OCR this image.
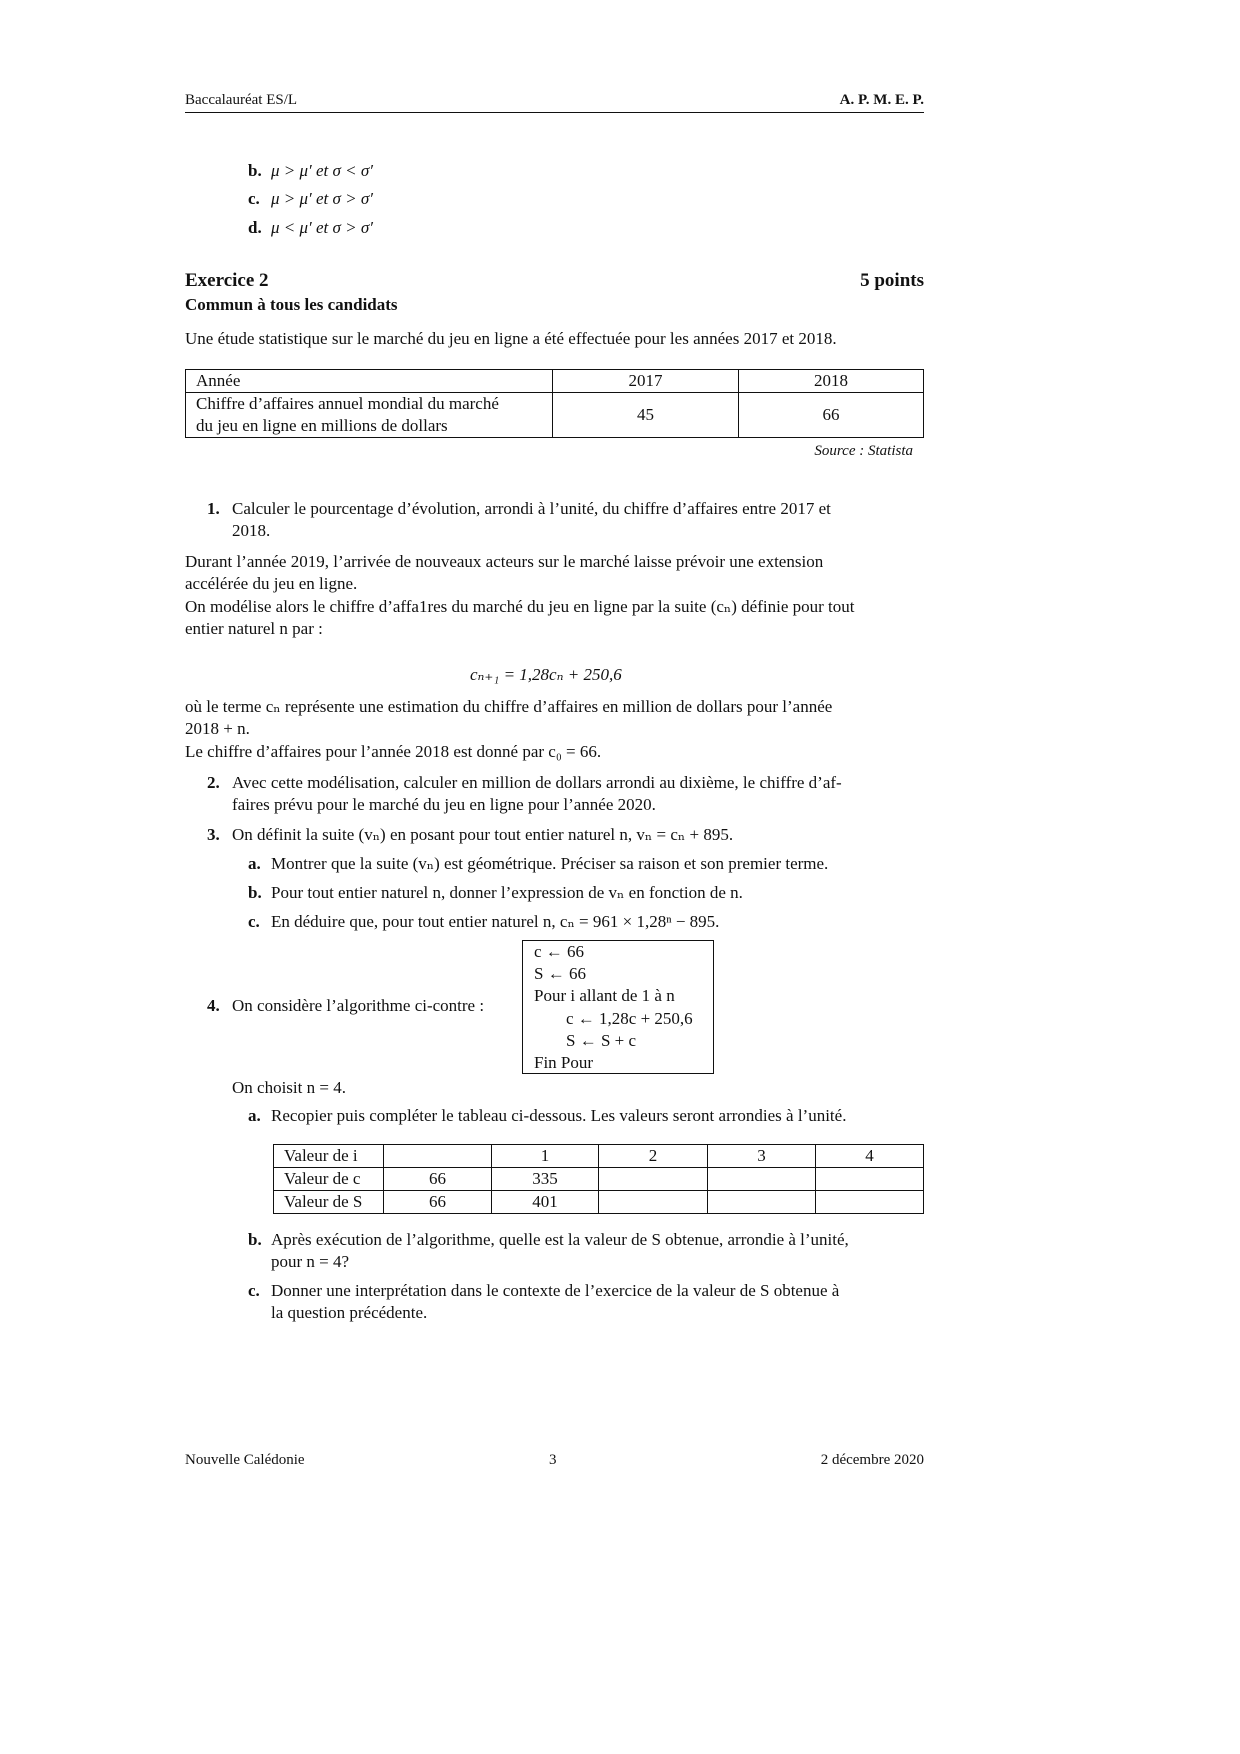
Baccalauréat ES/L	A. P. M. E. P.
b. μ > μ′ et σ < σ′
c. μ > μ′ et σ > σ′
d. μ < μ′ et σ > σ′
Exercice 2	5 points
Commun à tous les candidats
Une étude statistique sur le marché du jeu en ligne a été effectuée pour les années 2017 et 2018.
Année	2017	2018

Chiffre d’affaires annuel mondial du marché
du jeu en ligne en millions de dollars	45	66
Source : Statista
1. Calculer le pourcentage d’évolution, arrondi à l’unité, du chiffre d’affaires entre 2017 et
2018.
Durant l’année 2019, l’arrivée de nouveaux acteurs sur le marché laisse prévoir une extension
accélérée du jeu en ligne.
On modélise alors le chiffre d’affa1res du marché du jeu en ligne par la suite (cₙ) définie pour tout
entier naturel n par :
cₙ₊₁ = 1,28cₙ + 250,6
où le terme cₙ représente une estimation du chiffre d’affaires en million de dollars pour l’année
2018 + n.
Le chiffre d’affaires pour l’année 2018 est donné par c₀ = 66.
2. Avec cette modélisation, calculer en million de dollars arrondi au dixième, le chiffre d’af-
faires prévu pour le marché du jeu en ligne pour l’année 2020.
3. On définit la suite (vₙ) en posant pour tout entier naturel n, vₙ = cₙ + 895.
a. Montrer que la suite (vₙ) est géométrique. Préciser sa raison et son premier terme.
b. Pour tout entier naturel n, donner l’expression de vₙ en fonction de n.
c. En déduire que, pour tout entier naturel n, cₙ = 961 × 1,28ⁿ − 895.
4. On considère l’algorithme ci-contre :
c ← 66
S ← 66
Pour i allant de 1 à n
c ← 1,28c + 250,6
S ← S + c
Fin Pour
On choisit n = 4.
a. Recopier puis compléter le tableau ci-dessous. Les valeurs seront arrondies à l’unité.
Valeur de i		1	2	3	4
Valeur de c	66	335			
Valeur de S	66	401			
b. Après exécution de l’algorithme, quelle est la valeur de S obtenue, arrondie à l’unité,
pour n = 4?
c. Donner une interprétation dans le contexte de l’exercice de la valeur de S obtenue à
la question précédente.
Nouvelle Calédonie	3	2 décembre 2020
